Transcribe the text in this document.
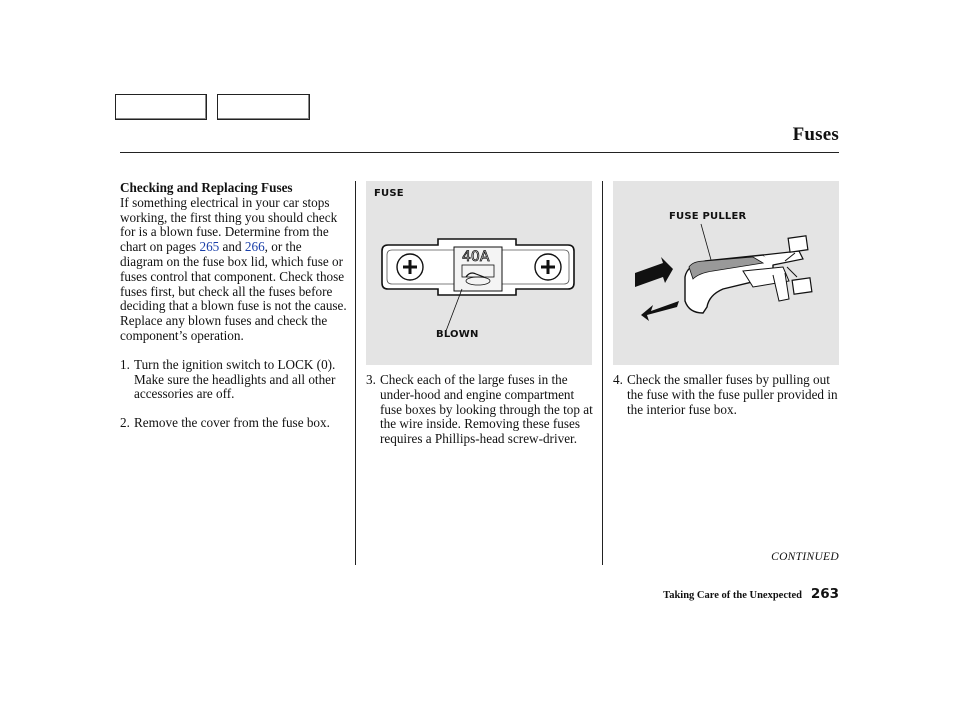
Fuses

Checking and Replacing Fuses

If something electrical in your car stops working, the first thing you should check for is a blown fuse. Determine from the chart on pages 265 and 266, or the diagram on the fuse box lid, which fuse or fuses control that component. Check those fuses first, but check all the fuses before deciding that a blown fuse is not the cause. Replace any blown fuses and check the component’s operation.

1. Turn the ignition switch to LOCK (0). Make sure the headlights and all other accessories are off.

2. Remove the cover from the fuse box.
FUSE
40A
BLOWN
3. Check each of the large fuses in the under-hood and engine compartment fuse boxes by looking through the top at the wire inside. Removing these fuses requires a Phillips-head screw-driver.
FUSE PULLER
4. Check the smaller fuses by pulling out the fuse with the fuse puller provided in the interior fuse box.
CONTINUED
Taking Care of the Unexpected 263
